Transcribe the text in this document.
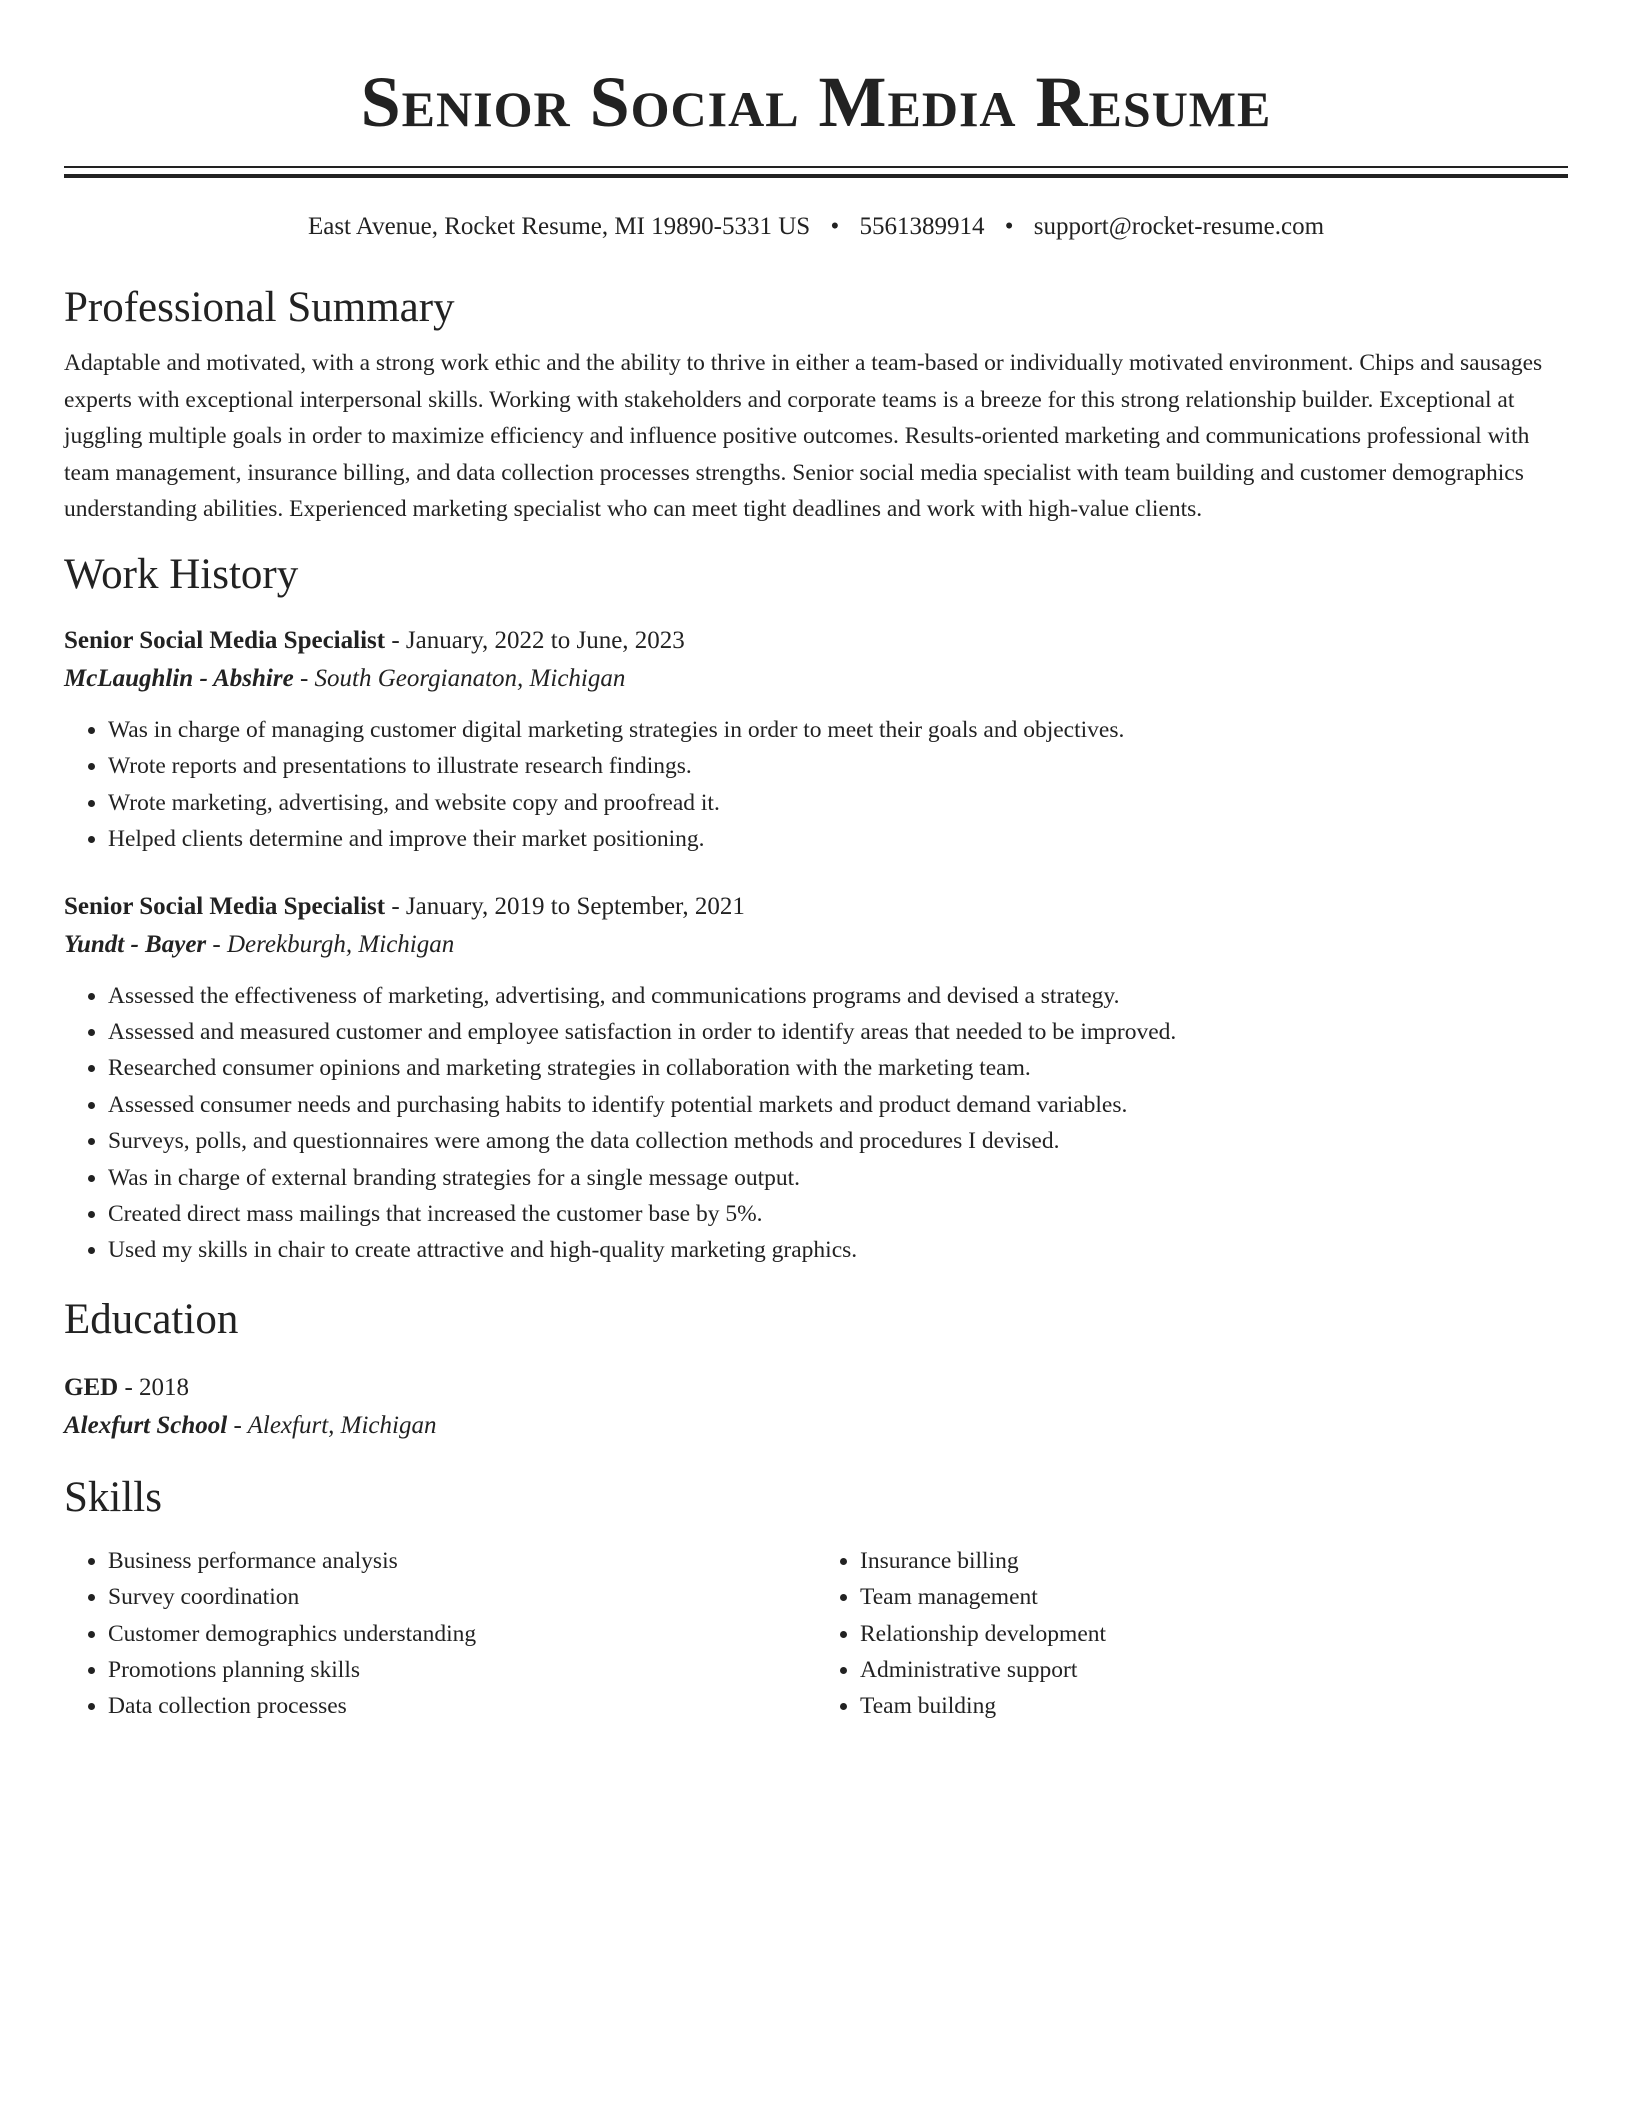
Senior Social Media Resume
East Avenue, Rocket Resume, MI 19890-5331 US • 5561389914 • support@rocket-resume.com
Professional Summary

Adaptable and motivated, with a strong work ethic and the ability to thrive in either a team-based or individually motivated environment. Chips and sausages experts with exceptional interpersonal skills. Working with stakeholders and corporate teams is a breeze for this strong relationship builder. Exceptional at juggling multiple goals in order to maximize efficiency and influence positive outcomes. Results-oriented marketing and communications professional with team management, insurance billing, and data collection processes strengths. Senior social media specialist with team building and customer demographics understanding abilities. Experienced marketing specialist who can meet tight deadlines and work with high-value clients.

Work History
Senior Social Media Specialist - January, 2022 to June, 2023
McLaughlin - Abshire - South Georgianaton, Michigan
• Was in charge of managing customer digital marketing strategies in order to meet their goals and objectives.
• Wrote reports and presentations to illustrate research findings.
• Wrote marketing, advertising, and website copy and proofread it.
• Helped clients determine and improve their market positioning.
Senior Social Media Specialist - January, 2019 to September, 2021
Yundt - Bayer - Derekburgh, Michigan
• Assessed the effectiveness of marketing, advertising, and communications programs and devised a strategy.
• Assessed and measured customer and employee satisfaction in order to identify areas that needed to be improved.
• Researched consumer opinions and marketing strategies in collaboration with the marketing team.
• Assessed consumer needs and purchasing habits to identify potential markets and product demand variables.
• Surveys, polls, and questionnaires were among the data collection methods and procedures I devised.
• Was in charge of external branding strategies for a single message output.
• Created direct mass mailings that increased the customer base by 5%.
• Used my skills in chair to create attractive and high-quality marketing graphics.
Education
GED - 2018
Alexfurt School - Alexfurt, Michigan
Skills
• Business performance analysis
• Survey coordination
• Customer demographics understanding
• Promotions planning skills
• Data collection processes
• Insurance billing
• Team management
• Relationship development
• Administrative support
• Team building
